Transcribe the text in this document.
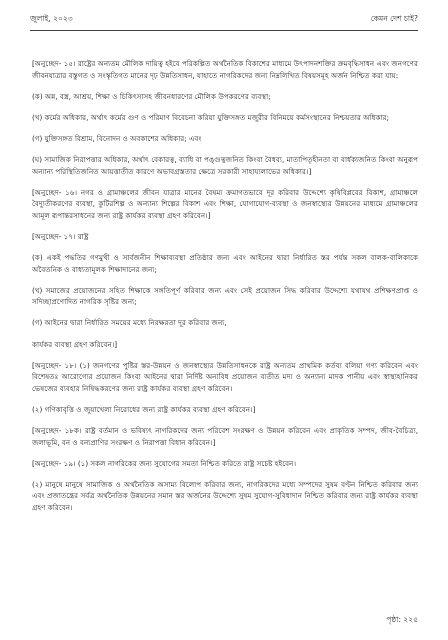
জুলাই, ২০২৩	কেমন দেশ চাই?

[অনুচ্ছেদ- ১৫। রাষ্ট্রের অন্যতম মৌলিক দায়িত্ব হইবে পরিকল্পিত অর্থনৈতিক বিকাশের মাধ্যমে উৎপাদনশক্তির ক্রমবৃদ্ধিসাধন এবং জনগণের জীবনযাত্রার বস্তুগত ও সংস্কৃতিগত মানের দৃঢ় উন্নতিসাধন, যাহাতে নাগরিকদের জন্য নিম্নলিখিত বিষয়সমূহ অর্জন নিশ্চিত করা যায়:

(ক) অন্ন, বস্ত্র, আশ্রয়, শিক্ষা ও চিকিৎসাসহ জীবনধারণের মৌলিক উপকরণের ব্যবস্থা;

(খ) কর্মের অধিকার, অর্থাৎ কর্মের গুণ ও পরিমাণ বিবেচনা করিয়া যুক্তিসঙ্গত মজুরীর বিনিময়ে কর্মসংস্থানের নিশ্চয়তার অধিকার;

(গ) যুক্তিসঙ্গত বিশ্রাম, বিনোদন ও অবকাশের অধিকার; এবং

(ঘ) সামাজিক নিরাপত্তার অধিকার, অর্থাৎ বেকারত্ব, ব্যাধি বা পঙ্গুত্বজনিত কিংবা বৈধব্য, মাতাপিতৃহীনতা বা বার্ধক্যজনিত কিংবা অনুরূপ অন্যান্য পরিস্থিতিজনিত আয়ত্তাতীত কারণে অভাবগ্রস্ততার ক্ষেত্রে সরকারী সাহায্যলাভের অধিকার।]

[অনুচ্ছেদ- ১৬। নগর ও গ্রামাঞ্চলের জীবন যাত্রার মানের বৈষম্য ক্রমাগতভাবে দূর করিবার উদ্দেশ্যে কৃষিবিপ্লবের বিকাশ, গ্রামাঞ্চলে বৈদ্যুতীকরণের ব্যবস্থা, কুটিরশিল্প ও অন্যান্য শিল্পের বিকাশ এবং শিক্ষা, যোগাযোগ-ব্যবস্থা ও জনস্বাস্থ্যের উন্নয়নের মাধ্যমে গ্রামাঞ্চলের আমূল রূপান্তরসাধনের জন্য রাষ্ট্র কার্যকর ব্যবস্থা গ্রহণ করিবেন।]

[অনুচ্ছেদ- ১৭। রাষ্ট্র

(ক) একই পদ্ধতির গণমুখী ও সার্বজনীন শিক্ষাব্যবস্থা প্রতিষ্ঠার জন্য এবং আইনের দ্বারা নির্ধারিত স্তর পর্যন্ত সকল বালক-বালিকাকে অবৈতনিক ও বাধ্যতামূলক শিক্ষাদানের জন্য;

(খ) সমাজের প্রয়োজনের সহিত শিক্ষাকে সঙ্গতিপূর্ণ করিবার জন্য এবং সেই প্রয়োজন সিদ্ধ করিবার উদ্দেশ্যে যথাযথ প্রশিক্ষণপ্রাপ্ত ও সদিচ্ছাপ্রণোদিত নাগরিক সৃষ্টির জন্য;

(গ) আইনের দ্বারা নির্ধারিত সময়ের মধ্যে নিরক্ষরতা দূর করিবার জন্য,

কার্যকর ব্যবস্থা গ্রহণ করিবেন।]

[অনুচ্ছেদ- ১৮। (১) জনগণের পুষ্টির স্তর-উন্নয়ন ও জনস্বাস্থ্যের উন্নতিসাধনকে রাষ্ট্র অন্যতম প্রাথমিক কর্তব্য বলিয়া গণ্য করিবেন এবং বিশেষতঃ আরোগ্যের প্রয়োজন কিংবা আইনের দ্বারা নির্দিষ্ট অন্যবিধ প্রয়োজন ব্যতীত মদ্য ও অন্যান্য মাদক পানীয় এবং স্বাস্থ্যহানিকর ভেষজের ব্যবহার নিষিদ্ধকরণের জন্য রাষ্ট্র কার্যকর ব্যবস্থা গ্রহণ করিবেন।

(২) গণিকাবৃত্তি ও জুয়াখেলা নিরোধের জন্য রাষ্ট্র কার্যকর ব্যবস্থা গ্রহণ করিবেন।]

[অনুচ্ছেদ- ১৮ক। রাষ্ট্র বর্তমান ও ভবিষ্যৎ নাগরিকদের জন্য পরিবেশ সংরক্ষণ ও উন্নয়ন করিবেন এবং প্রাকৃতিক সম্পদ, জীব-বৈচিত্র্য, জলাভূমি, বন ও বন্যপ্রাণির সংরক্ষণ ও নিরাপত্তা বিধান করিবেন।]

[অনুচ্ছেদ- ১৯। (১) সকল নাগরিকের জন্য সুযোগের সমতা নিশ্চিত করিতে রাষ্ট্র সচেষ্ট হইবেন।

(২) মানুষে মানুষে সামাজিক ও অর্থনৈতিক অসাম্য বিলোপ করিবার জন্য, নাগরিকদের মধ্যে সম্পদের সুষম বণ্টন নিশ্চিত করিবার জন্য এবং প্রজাতন্ত্রের সর্বত্র অর্থনৈতিক উন্নয়নের সমান স্তর অর্জনের উদ্দেশ্যে সুষম সুযোগ-সুবিধাদান নিশ্চিত করিবার জন্য রাষ্ট্র কার্যকর ব্যবস্থা গ্রহণ করিবেন।

পৃষ্ঠা: ২২৫
